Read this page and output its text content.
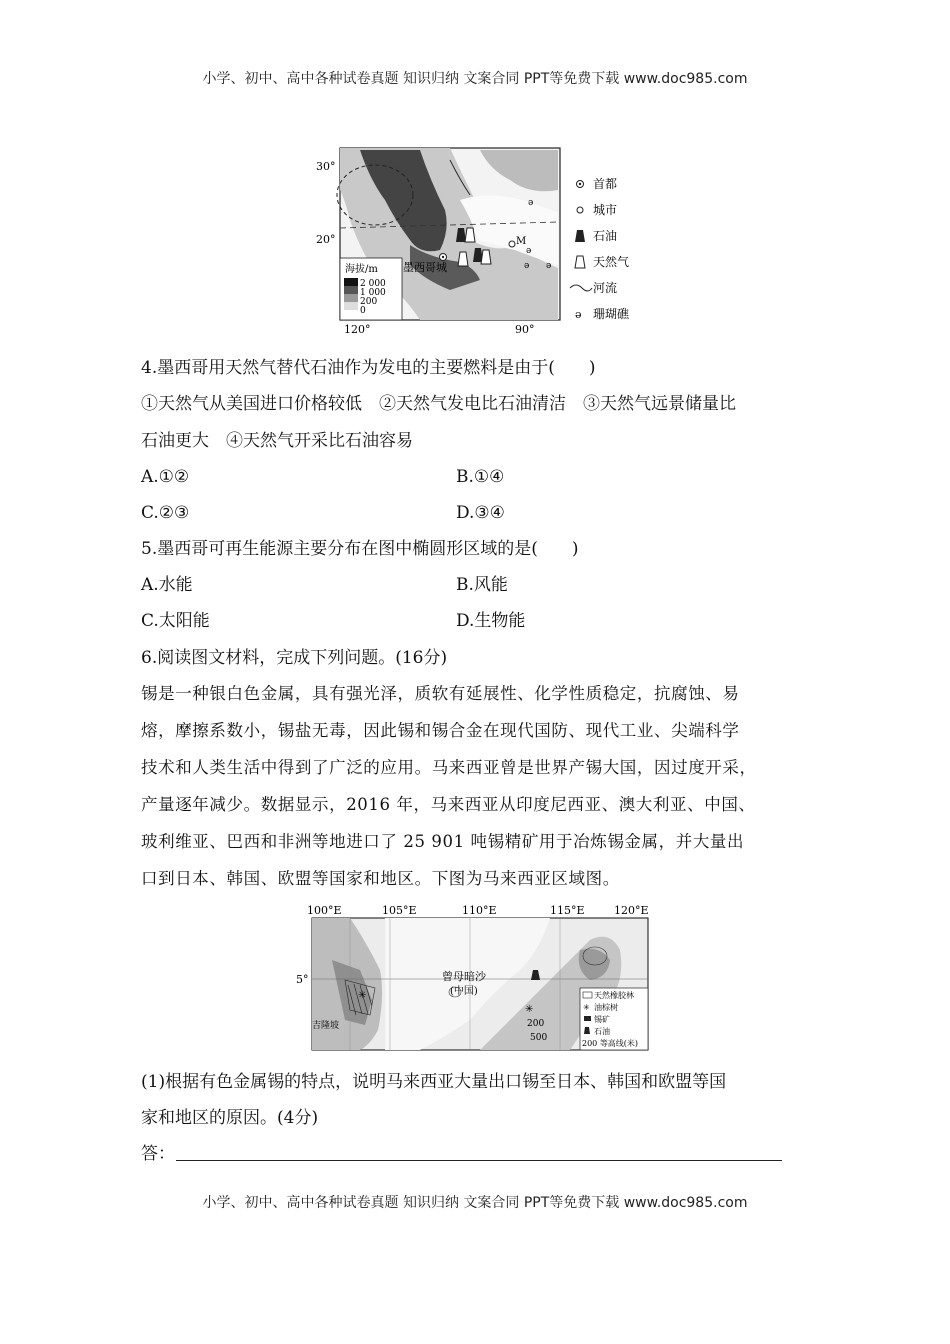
小学、初中、高中各种试卷真题 知识归纳 文案合同 PPT等免费下载 www.doc985.com
M
墨西哥城
ǝ
ǝ
ǝ
ǝ
海拔/m
2 000
1 000
200
0
30°
20°
120°	90°
首都
城市
石油
天然气
河流
ǝ 珊瑚礁
4.墨西哥用天然气替代石油作为发电的主要燃料是由于(　　)
①天然气从美国进口价格较低　②天然气发电比石油清洁　③天然气远景储量比
石油更大　④天然气开采比石油容易
A.①②	B.①④
C.②③	D.③④
5.墨西哥可再生能源主要分布在图中椭圆形区域的是(　　)
A.水能	B.风能
C.太阳能	D.生物能
6.阅读图文材料，完成下列问题。(16分)

锡是一种银白色金属，具有强光泽，质软有延展性、化学性质稳定，抗腐蚀、易

熔，摩擦系数小，锡盐无毒，因此锡和锡合金在现代国防、现代工业、尖端科学

技术和人类生活中得到了广泛的应用。马来西亚曾是世界产锡大国，因过度开采，

产量逐年减少。数据显示，2016 年，马来西亚从印度尼西亚、澳大利亚、中国、

玻利维亚、巴西和非洲等地进口了 25 901 吨锡精矿用于冶炼锡金属，并大量出

口到日本、韩国、欧盟等国家和地区。下图为马来西亚区域图。

✳
✳
100°E	105°E	110°E	115°E	120°E
5°	曾母暗沙
(中国)
吉隆坡	200
500
天然橡胶林
✳ 油棕树
锡矿
石油
200 等高线(米)
(1)根据有色金属锡的特点，说明马来西亚大量出口锡至日本、韩国和欧盟等国
家和地区的原因。(4分)
答：
小学、初中、高中各种试卷真题 知识归纳 文案合同 PPT等免费下载 www.doc985.com
